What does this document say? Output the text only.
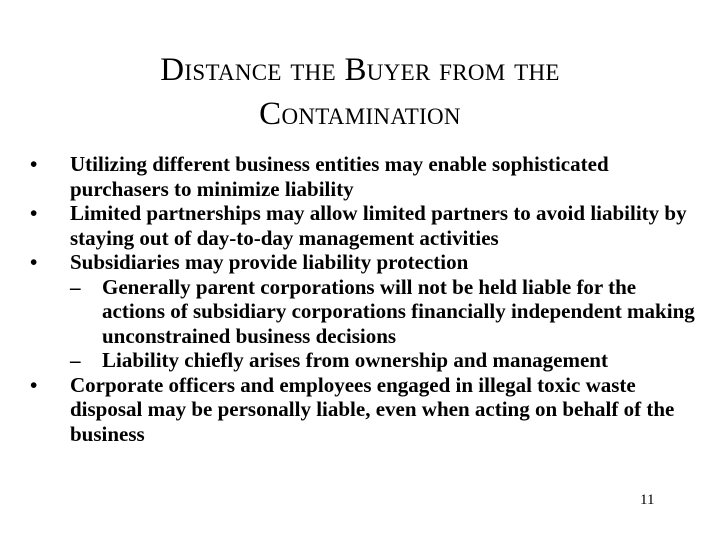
Distance the Buyer from the
Contamination
•	Utilizing different business entities may enable sophisticated purchasers to minimize liability
•	Limited partnerships may allow limited partners to avoid liability by staying out of day-to-day management activities
•	Subsidiaries may provide liability protection
– Generally parent corporations will not be held liable for the actions of subsidiary corporations financially independent making unconstrained business decisions
– Liability chiefly arises from ownership and management
•	Corporate officers and employees engaged in illegal toxic waste disposal may be personally liable, even when acting on behalf of the business
11
